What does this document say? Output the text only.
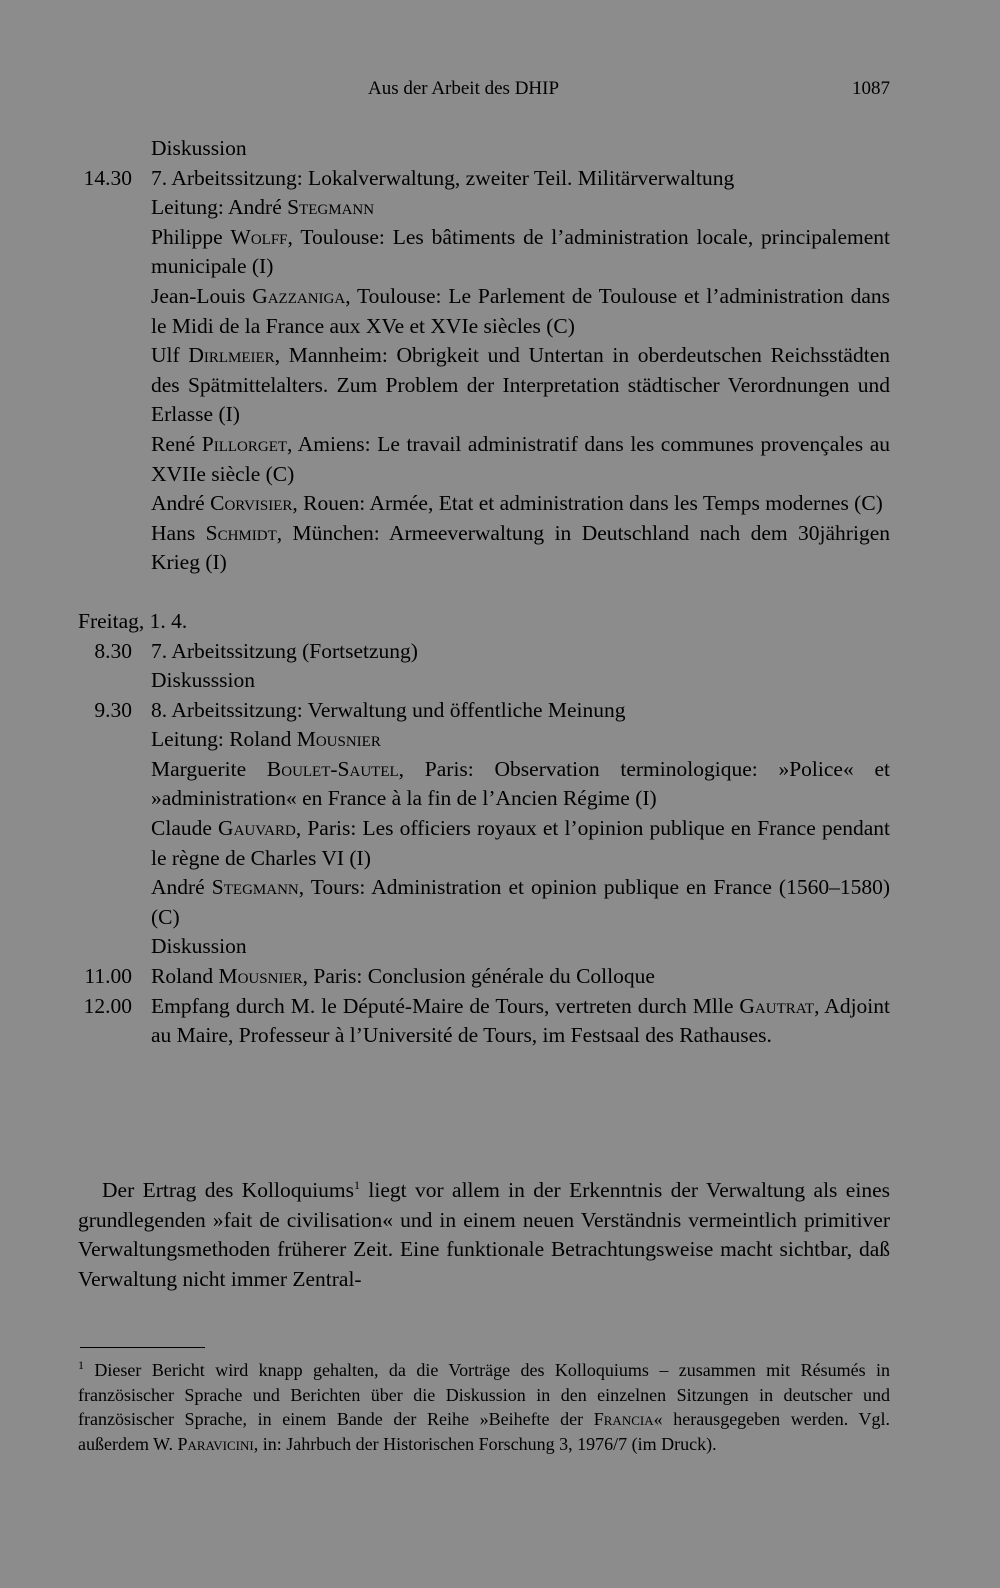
Aus der Arbeit des DHIP	1087
Diskussion
14.30 7. Arbeitssitzung: Lokalverwaltung, zweiter Teil. Militärverwaltung
Leitung: André Stegmann
Philippe Wolff, Toulouse: Les bâtiments de l’administration locale, principalement municipale (I)
Jean-Louis Gazzaniga, Toulouse: Le Parlement de Toulouse et l’administration dans le Midi de la France aux XVe et XVIe siècles (C)
Ulf Dirlmeier, Mannheim: Obrigkeit und Untertan in oberdeutschen Reichsstädten des Spätmittelalters. Zum Problem der Interpretation städtischer Verordnungen und Erlasse (I)
René Pillorget, Amiens: Le travail administratif dans les communes provençales au XVIIe siècle (C)
André Corvisier, Rouen: Armée, Etat et administration dans les Temps modernes (C)
Hans Schmidt, München: Armeeverwaltung in Deutschland nach dem 30jährigen Krieg (I)
Freitag, 1. 4.
8.30 7. Arbeitssitzung (Fortsetzung)
Diskusssion
9.30 8. Arbeitssitzung: Verwaltung und öffentliche Meinung
Leitung: Roland Mousnier
Marguerite Boulet-Sautel, Paris: Observation terminologique: »Police« et »administration« en France à la fin de l’Ancien Régime (I)
Claude Gauvard, Paris: Les officiers royaux et l’opinion publique en France pendant le règne de Charles VI (I)
André Stegmann, Tours: Administration et opinion publique en France (1560–1580) (C)
Diskussion
11.00 Roland Mousnier, Paris: Conclusion générale du Colloque
12.00 Empfang durch M. le Député-Maire de Tours, vertreten durch Mlle Gautrat, Adjoint au Maire, Professeur à l’Université de Tours, im Festsaal des Rathauses.
Der Ertrag des Kolloquiums$^1$ liegt vor allem in der Erkenntnis der Verwaltung als eines grundlegenden »fait de civilisation« und in einem neuen Verständnis vermeintlich primitiver Verwaltungsmethoden früherer Zeit. Eine funktionale Betrachtungsweise macht sichtbar, daß Verwaltung nicht immer Zentral-
$^1$ Dieser Bericht wird knapp gehalten, da die Vorträge des Kolloquiums – zusammen mit Résumés in französischer Sprache und Berichten über die Diskussion in den einzelnen Sitzungen in deutscher und französischer Sprache, in einem Bande der Reihe »Beihefte der Francia« herausgegeben werden. Vgl. außerdem W. Paravicini, in: Jahrbuch der Historischen Forschung 3, 1976/7 (im Druck).
